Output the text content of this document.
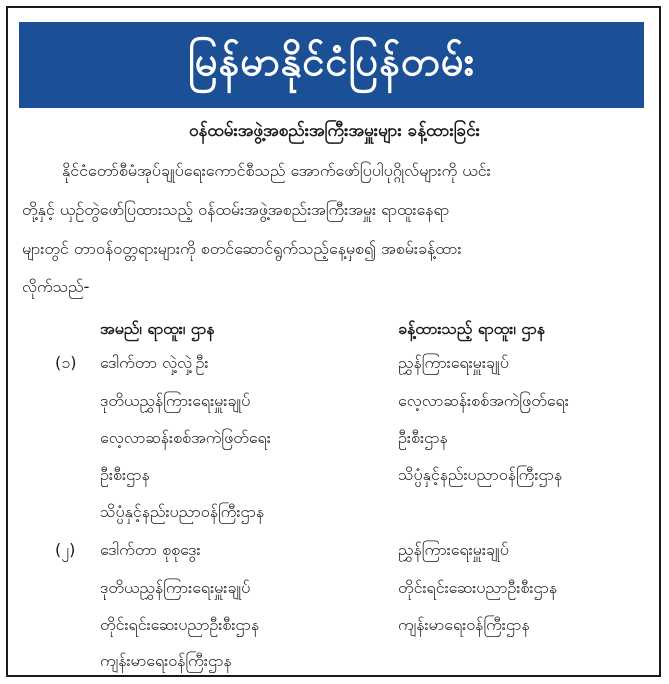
မြန်မာနိုင်ငံပြန်တမ်း
ဝန်ထမ်းအဖွဲ့အစည်းအကြီးအမှူးများ ခန့်ထားခြင်း
နိုင်ငံတော်စီမံအုပ်ချုပ်ရေးကောင်စီသည် အောက်ဖော်ပြပါပုဂ္ဂိုလ်များကို ယင်း
တို့နှင့် ယှဉ်တွဲဖော်ပြထားသည့် ဝန်ထမ်းအဖွဲ့အစည်းအကြီးအမှူး ရာထူးနေရာ
များတွင် တာဝန်ဝတ္တရားများကို စတင်ဆောင်ရွက်သည့်နေ့မှစ၍ အစမ်းခန့်ထား
လိုက်သည်-
အမည်၊ ရာထူး၊ ဌာန	ခန့်ထားသည့် ရာထူး၊ ဌာန
(၁) ဒေါက်တာ လှဲ့လှဲ့ဦး
ဒုတိယညွှန်ကြားရေးမှူးချုပ်
လေ့လာဆန်းစစ်အကဲဖြတ်ရေး
ဦးစီးဌာန
သိပ္ပံနှင့်နည်းပညာဝန်ကြီးဌာန
ညွှန်ကြားရေးမှူးချုပ်
လေ့လာဆန်းစစ်အကဲဖြတ်ရေး
ဦးစီးဌာန
သိပ္ပံနှင့်နည်းပညာဝန်ကြီးဌာန
(၂) ဒေါက်တာ စုစုဒွေး
ဒုတိယညွှန်ကြားရေးမှူးချုပ်
တိုင်းရင်းဆေးပညာဦးစီးဌာန
ကျန်းမာရေးဝန်ကြီးဌာန
ညွှန်ကြားရေးမှူးချုပ်
တိုင်းရင်းဆေးပညာဦးစီးဌာန
ကျန်းမာရေးဝန်ကြီးဌာန
